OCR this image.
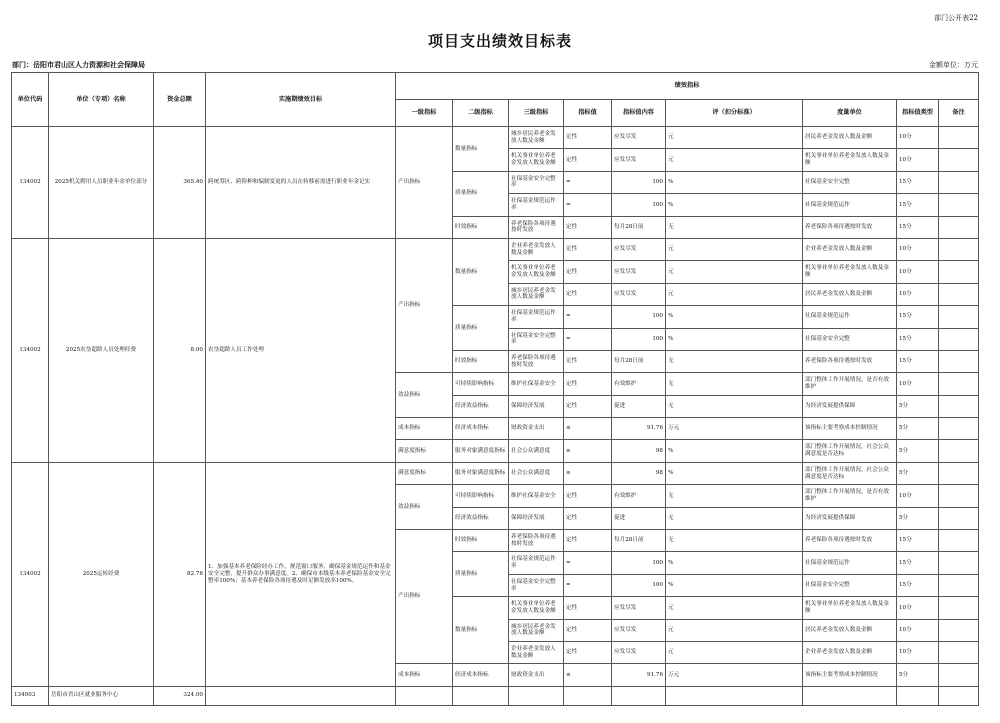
部门公开表22
项目支出绩效目标表
部门：岳阳市君山区人力资源和社会保障局	金额单位：万元
单位代码	单位（专项）名称	资金总额	实施期绩效目标	绩效指标								
				一级指标	二级指标	三级指标	指标值	指标值内容	评（扣分标准）	度量单位	指标值类型	备注
134002	2025机关聘用人员职业年金单位部分	365.40	跨统筹区、跨险种和编制变更的人员在转移前需进行职业年金记实	产出指标	数量指标	城乡居民养老金发放人数及金额	定性	应发尽发	元	居民养老金发放人数及金额	10分	
						机关事业单位养老金发放人数及金额	定性	应发尽发	元	机关事业单位养老金发放人数及金额	10分	
					质量指标	社保基金安全完整率	=	100	%	社保基金安全完整	15分	
						社保基金规范运作率	=	100	%	社保基金规范运作	15分	
					时效指标	养老保险各项待遇按时发放	定性	每月28日前	无	养老保险各项待遇按时发放	15分	
134002	2025农垦超龄人员处理经费	8.00	农垦超龄人员工作处理	产出指标	数量指标	企业养老金发放人数及金额	定性	应发尽发	元	企业养老金发放人数及金额	10分	
						机关事业单位养老金发放人数及金额	定性	应发尽发	元	机关事业单位养老金发放人数及金额	10分	
						城乡居民养老金发放人数及金额	定性	应发尽发	元	居民养老金发放人数及金额	10分	
					质量指标	社保基金规范运作率	=	100	%	社保基金规范运作	15分	
						社保基金安全完整率	=	100	%	社保基金安全完整	15分	
					时效指标	养老保险各项待遇按时发放	定性	每月28日前	无	养老保险各项待遇按时发放	15分	
				效益指标	可持续影响指标	维护社保基金安全	定性	有效维护	无	部门整体工作开展情况，是否有效维护	10分	
					经济效益指标	保障经济发展	定性	促进	无	为经济发展提供保障	5分	
				成本指标	经济成本指标	财政资金支出	≤	91.76	万元	该指标主要考察成本控制情况	5分	
				满意度指标	服务对象满意度指标	社会公众满意度	≥	98	%	部门整体工作开展情况，社会公众满意度是否达标	5分	
134002	2025运转经费	82.76	1、加强基本养老保险经办工作，规范窗口服务，确保基金规范运作和基金安全完整，提升群众办事满意度。2、确保市本级基本养老保险基金安全完整率100%；基本养老保险各项待遇及时足额发放率100%。	满意度指标	服务对象满意度指标	社会公众满意度	≥	98	%	部门整体工作开展情况，社会公众满意度是否达标	5分	
				效益指标	可持续影响指标	维护社保基金安全	定性	有效维护	无	部门整体工作开展情况，是否有效维护	10分	
					经济效益指标	保障经济发展	定性	促进	无	为经济发展提供保障	5分	
				产出指标	时效指标	养老保险各项待遇按时发放	定性	每月28日前	无	养老保险各项待遇按时发放	15分	
					质量指标	社保基金规范运作率	=	100	%	社保基金规范运作	15分	
						社保基金安全完整率	=	100	%	社保基金安全完整	15分	
					数量指标	机关事业单位养老金发放人数及金额	定性	应发尽发	元	机关事业单位养老金发放人数及金额	10分	
						城乡居民养老金发放人数及金额	定性	应发尽发	元	居民养老金发放人数及金额	10分	
						企业养老金发放人数及金额	定性	应发尽发	元	企业养老金发放人数及金额	10分	
				成本指标	经济成本指标	财政资金支出	≤	91.76	万元	该指标主要考察成本控制情况	5分	
134003	岳阳市君山区就业服务中心	324.00										
